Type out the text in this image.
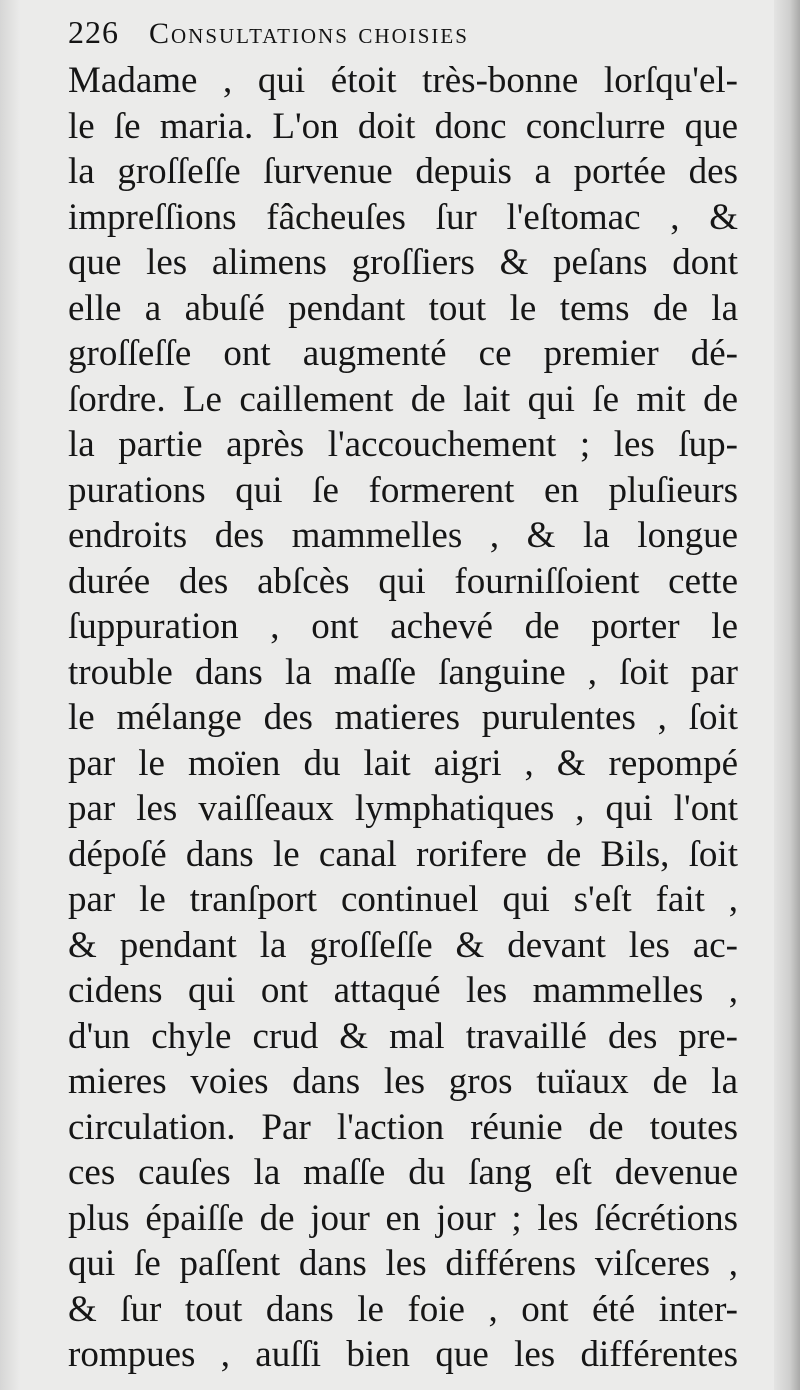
226 Consultations choisies
Madame , qui étoit très-bonne lorſqu'el-
le ſe maria. L'on doit donc conclurre que
la groſſeſſe ſurvenue depuis a portée des
impreſſions fâcheuſes ſur l'eſtomac , &
que les alimens groſſiers & peſans dont
elle a abuſé pendant tout le tems de la
groſſeſſe ont augmenté ce premier dé-
ſordre. Le caillement de lait qui ſe mit de
la partie après l'accouchement ; les ſup-
purations qui ſe formerent en pluſieurs
endroits des mammelles , & la longue
durée des abſcès qui fourniſſoient cette
ſuppuration , ont achevé de porter le
trouble dans la maſſe ſanguine , ſoit par
le mélange des matieres purulentes , ſoit
par le moïen du lait aigri , & repompé
par les vaiſſeaux lymphatiques , qui l'ont
dépoſé dans le canal rorifere de Bils, ſoit
par le tranſport continuel qui s'eſt fait ,
& pendant la groſſeſſe & devant les ac-
cidens qui ont attaqué les mammelles ,
d'un chyle crud & mal travaillé des pre-
mieres voies dans les gros tuïaux de la
circulation. Par l'action réunie de toutes
ces cauſes la maſſe du ſang eſt devenue
plus épaiſſe de jour en jour ; les ſécrétions
qui ſe paſſent dans les différens viſceres ,
& ſur tout dans le foie , ont été inter-
rompues , auſſi bien que les différentes
